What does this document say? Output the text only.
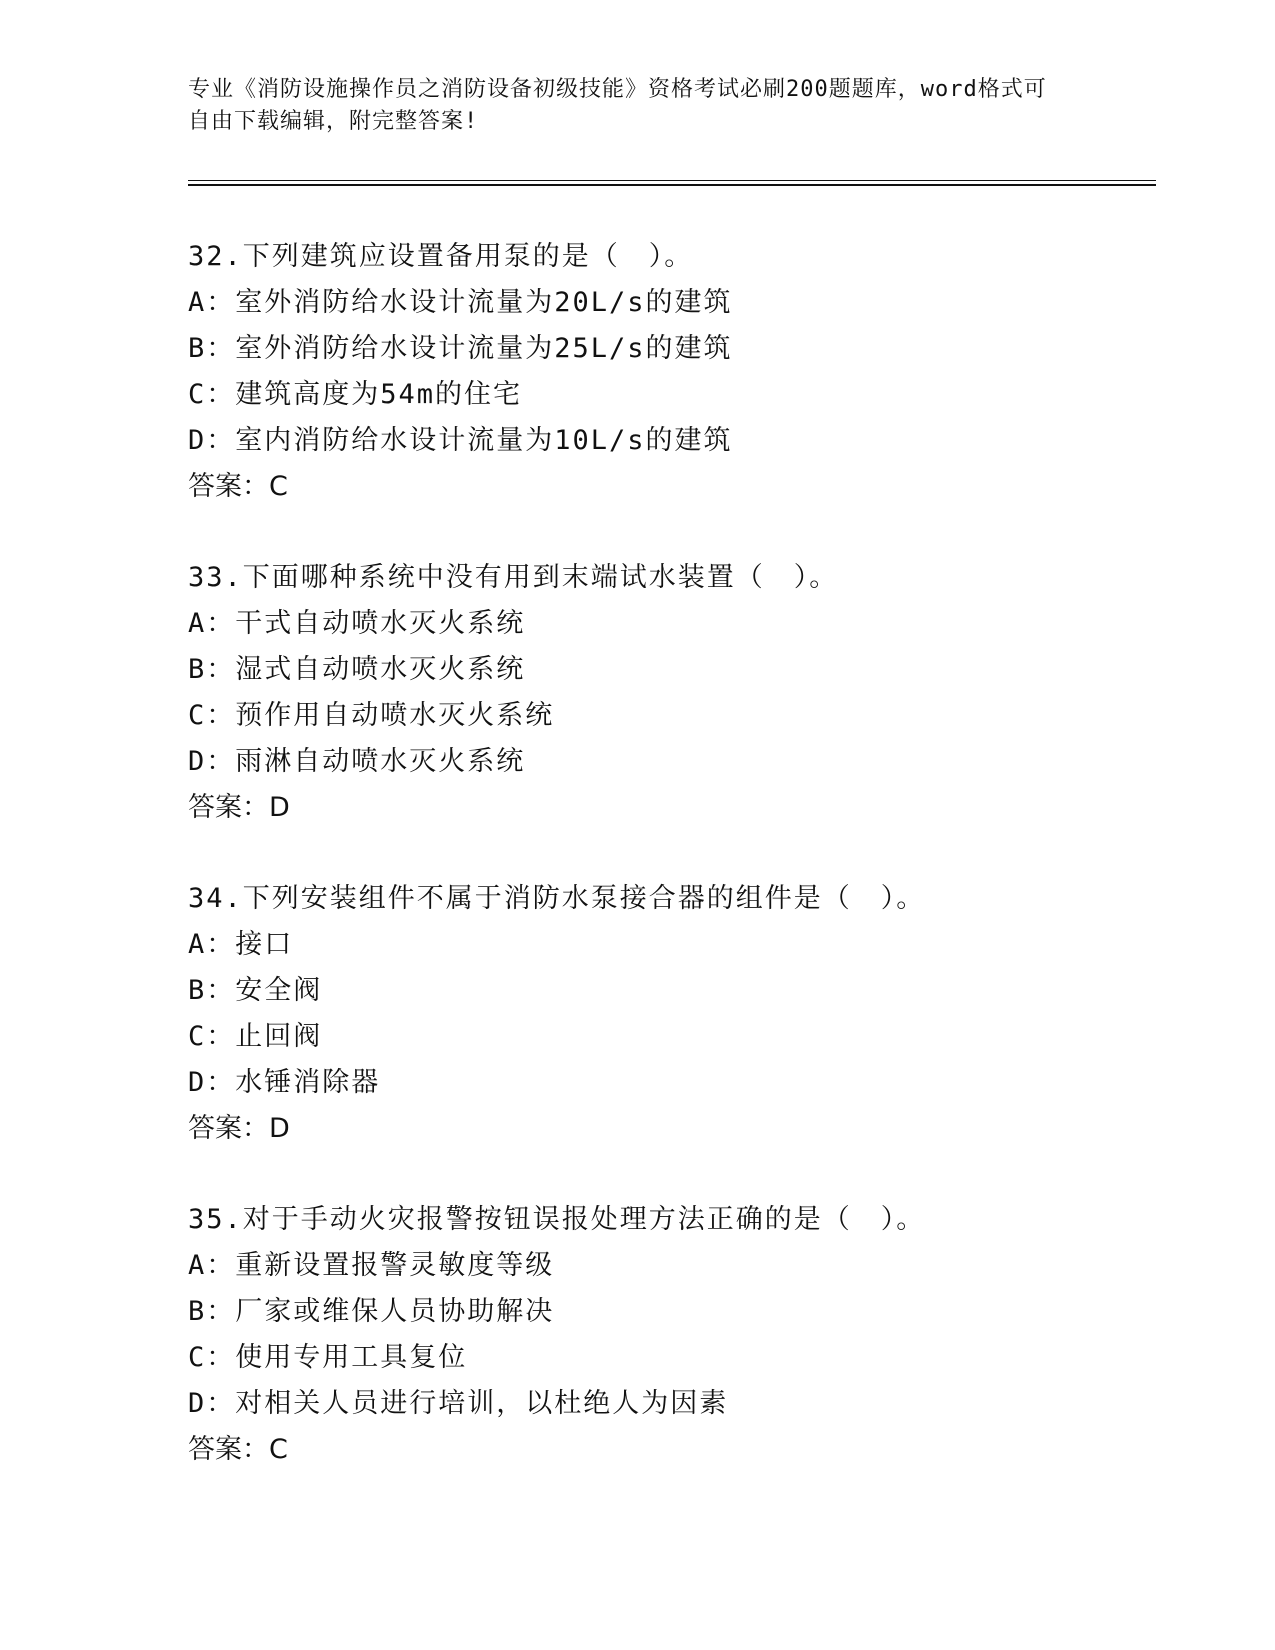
专业《消防设施操作员之消防设备初级技能》资格考试必刷200题题库，word格式可自由下载编辑，附完整答案!
32.下列建筑应设置备用泵的是（　）。
A：室外消防给水设计流量为20L/s的建筑
B：室外消防给水设计流量为25L/s的建筑
C：建筑高度为54m的住宅
D：室内消防给水设计流量为10L/s的建筑
答案：C
33.下面哪种系统中没有用到末端试水装置（　）。
A：干式自动喷水灭火系统
B：湿式自动喷水灭火系统
C：预作用自动喷水灭火系统
D：雨淋自动喷水灭火系统
答案：D
34.下列安装组件不属于消防水泵接合器的组件是（　）。
A：接口
B：安全阀
C：止回阀
D：水锤消除器
答案：D
35.对于手动火灾报警按钮误报处理方法正确的是（　）。
A：重新设置报警灵敏度等级
B：厂家或维保人员协助解决
C：使用专用工具复位
D：对相关人员进行培训，以杜绝人为因素
答案：C
